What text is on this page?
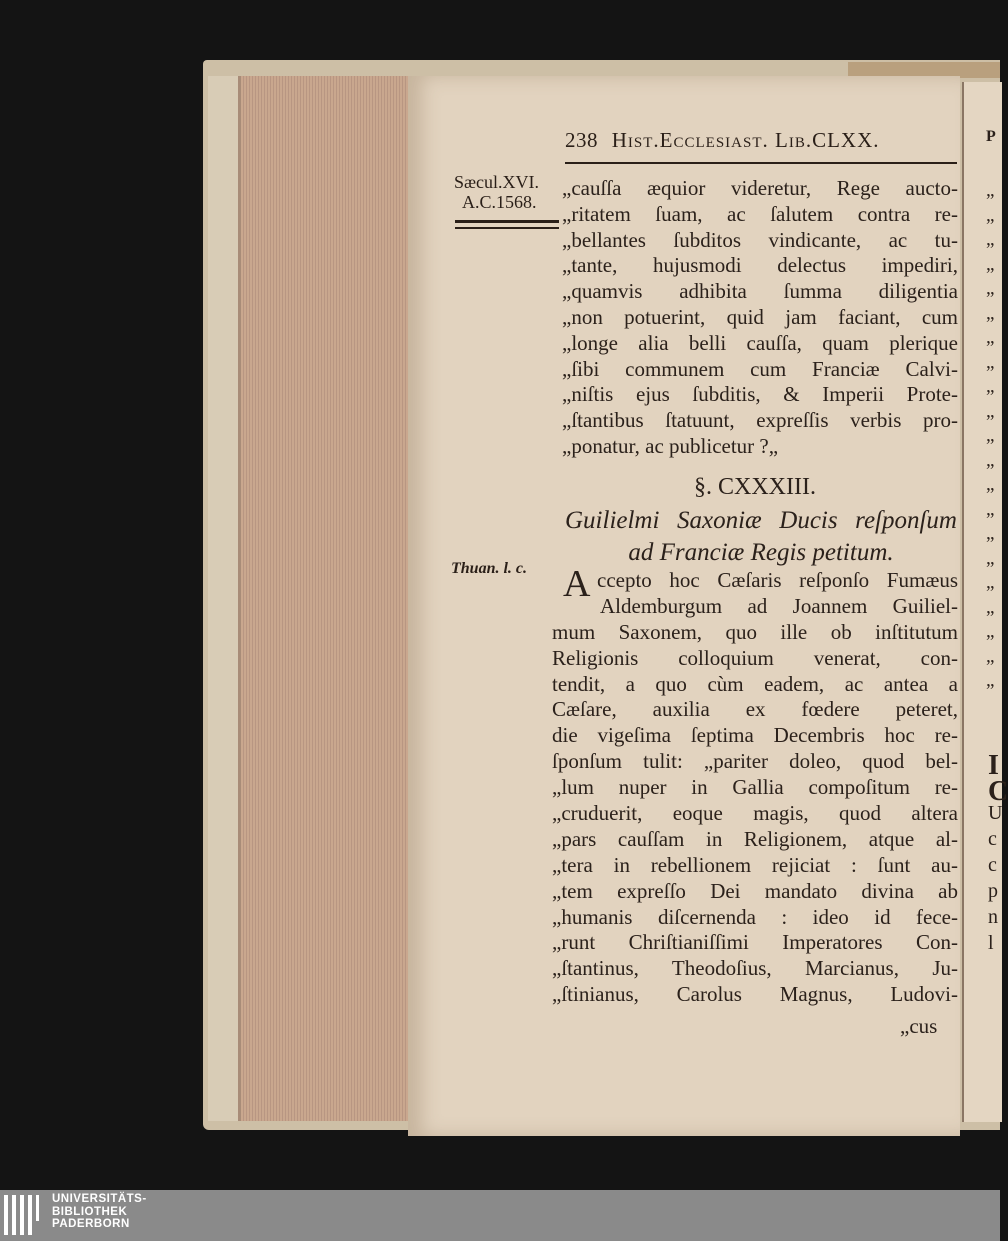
238 Hist.Ecclesiast. Lib.CLXX.
Sæcul.XVI.
A.C.1568.
„cauſſa æquior videretur, Rege aucto-
„ritatem ſuam, ac ſalutem contra re-
„bellantes ſubditos vindicante, ac tu-
„tante, hujusmodi delectus impediri,
„quamvis adhibita ſumma diligentia
„non potuerint, quid jam faciant, cum
„longe alia belli cauſſa, quam plerique
„ſibi communem cum Franciæ Calvi-
„niſtis ejus ſubditis, & Imperii Prote-
„ſtantibus ſtatuunt, expreſſis verbis pro-
„ponatur, ac publicetur ?„
§. CXXXIII.
Guilielmi Saxoniæ Ducis reſponſum
ad Franciæ Regis petitum.
Thuan. l. c. A ccepto hoc Cæſaris reſponſo Fumæus
Aldemburgum ad Joannem Guiliel-
mum Saxonem, quo ille ob inſtitutum
Religionis colloquium venerat, con-
tendit, a quo cùm eadem, ac antea a
Cæſare, auxilia ex fœdere peteret,
die vigeſima ſeptima Decembris hoc re-
ſponſum tulit: „pariter doleo, quod bel-
„lum nuper in Gallia compoſitum re-
„cruduerit, eoque magis, quod altera
„pars cauſſam in Religionem, atque al-
„tera in rebellionem rejiciat : ſunt au-
„tem expreſſo Dei mandato divina ab
„humanis diſcernenda : ideo id fece-
„runt Chriſtianiſſimi Imperatores Con-
„ſtantinus, Theodoſius, Marcianus, Ju-
„ſtinianus, Carolus Magnus, Ludovi-
„cus
P
„
„
„
„
„
„
„
„
„
„
„
„
„
„
„
„
„
„
„
„
„
I
C
U
c
c
p
n
l
UNIVERSITÄTS-
BIBLIOTHEK
PADERBORN
